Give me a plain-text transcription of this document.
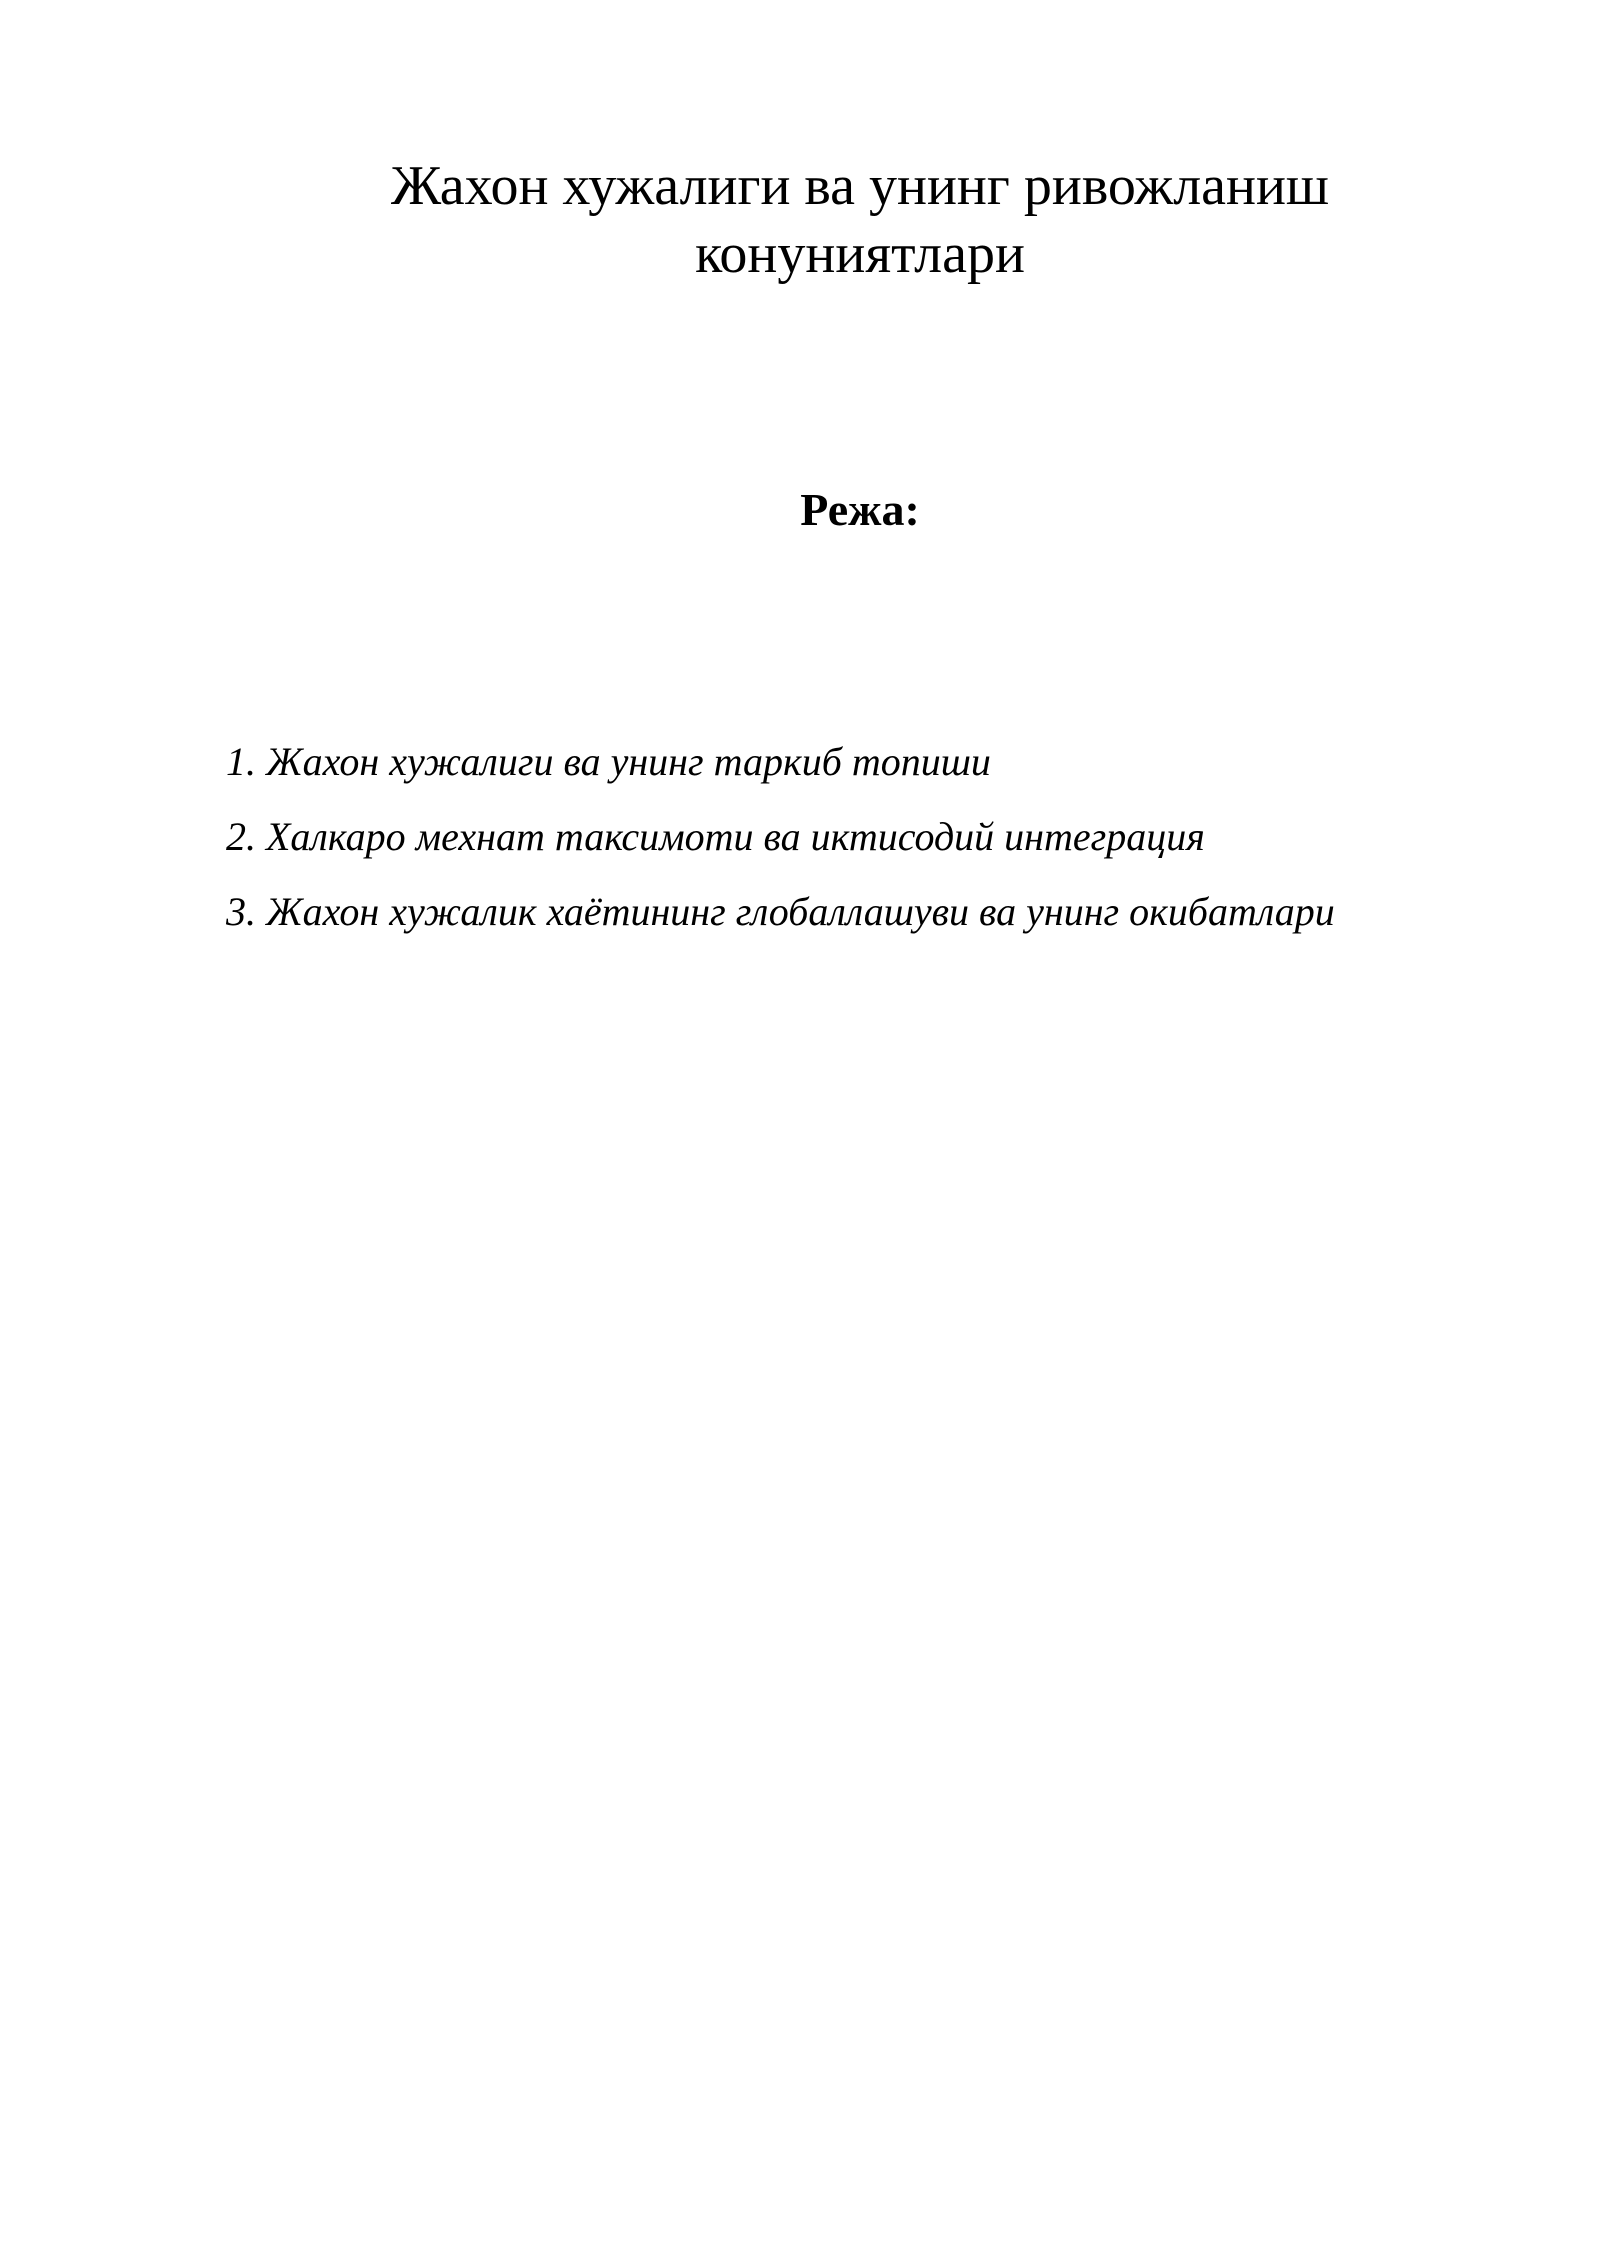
Жахон хужалиги ва унинг ривожланиш
конуниятлари
Режа:
1. Жахон хужалиги ва унинг таркиб топиши
2. Халкаро мехнат таксимоти ва иктисодий интеграция
3. Жахон хужалик хаётининг глобаллашуви ва унинг окибатлари
